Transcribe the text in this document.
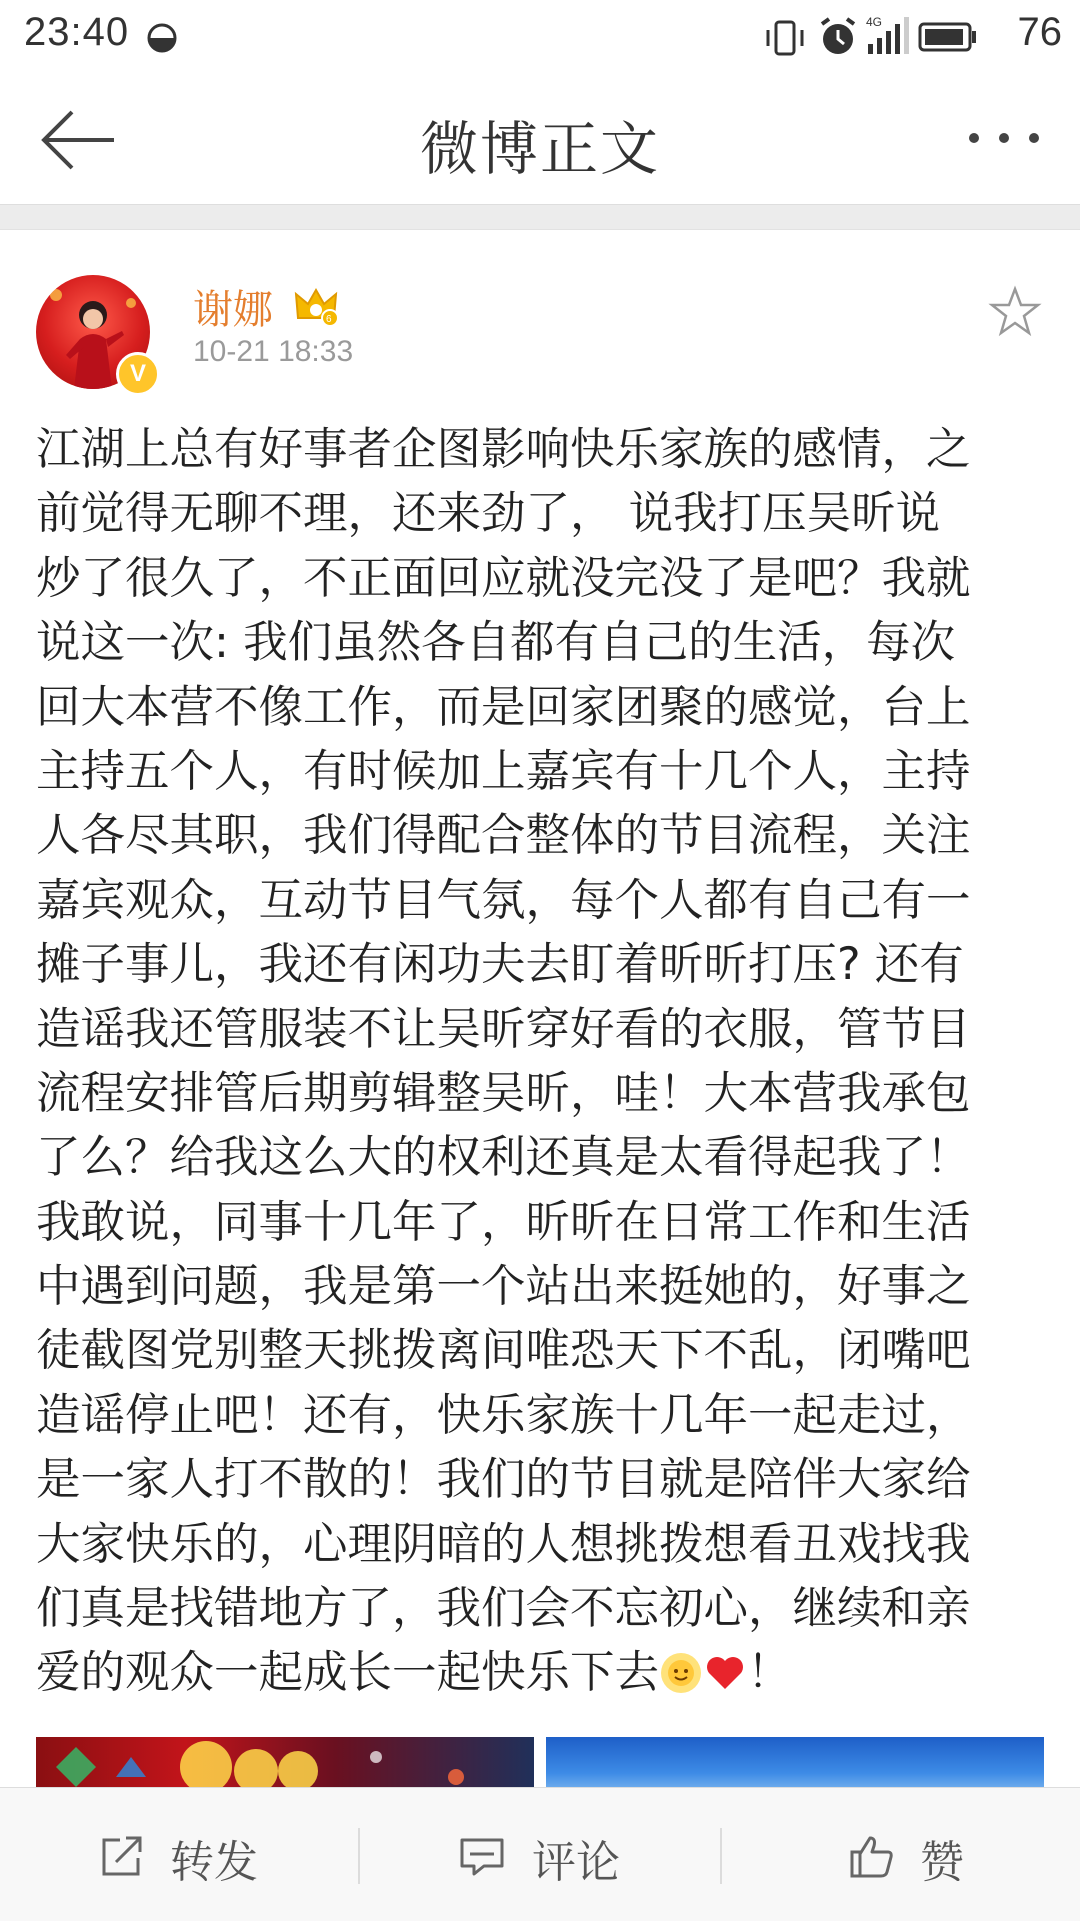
23:40	4G	76
微博正文
V
谢娜	6
10-21 18:33
江湖上总有好事者企图影响快乐家族的感情，之
前觉得无聊不理，还来劲了， 说我打压吴昕说
炒了很久了，不正面回应就没完没了是吧？我就
说这一次: 我们虽然各自都有自己的生活，每次
回大本营不像工作，而是回家团聚的感觉，台上
主持五个人，有时候加上嘉宾有十几个人，主持
人各尽其职，我们得配合整体的节目流程，关注
嘉宾观众，互动节目气氛，每个人都有自己有一
摊子事儿，我还有闲功夫去盯着昕昕打压? 还有
造谣我还管服装不让吴昕穿好看的衣服，管节目
流程安排管后期剪辑整吴昕，哇！大本营我承包
了么？给我这么大的权利还真是太看得起我了！
我敢说，同事十几年了，昕昕在日常工作和生活
中遇到问题，我是第一个站出来挺她的，好事之
徒截图党别整天挑拨离间唯恐天下不乱，闭嘴吧
造谣停止吧！还有，快乐家族十几年一起走过，
是一家人打不散的！我们的节目就是陪伴大家给
大家快乐的，心理阴暗的人想挑拨想看丑戏找我
们真是找错地方了，我们会不忘初心，继续和亲
爱的观众一起成长一起快乐下去 ！
转发	评论	赞
